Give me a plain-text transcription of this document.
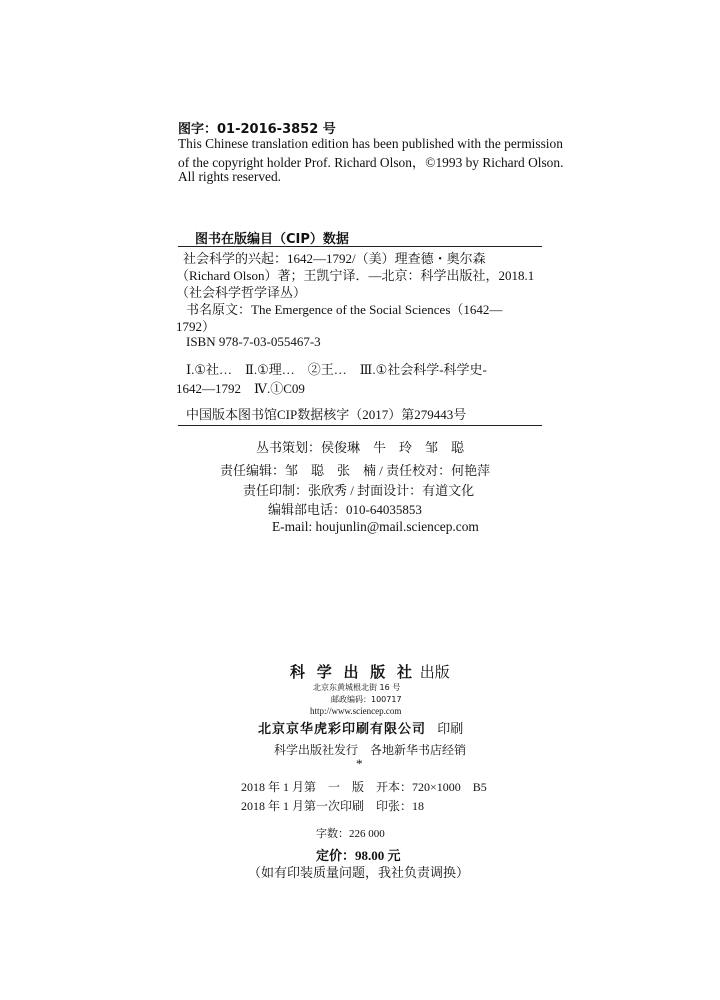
图字：01-2016-3852 号
This Chinese translation edition has been published with the permission
of the copyright holder Prof. Richard Olson，©1993 by Richard Olson.
All rights reserved.
图书在版编目（CIP）数据
社会科学的兴起：1642—1792/（美）理查德・奥尔森
（Richard Olson）著；王凯宁译．—北京：科学出版社，2018.1
（社会科学哲学译丛）
书名原文：The Emergence of the Social Sciences（1642—
1792）
ISBN 978-7-03-055467-3
Ⅰ.①社…　Ⅱ.①理…　②王…　Ⅲ.①社会科学-科学史-
1642—1792　Ⅳ.①C09
中国版本图书馆CIP数据核字（2017）第279443号
丛书策划：侯俊琳　牛　玲　邹　聪
责任编辑：邹　聪　张　楠 / 责任校对：何艳萍
责任印制：张欣秀 / 封面设计：有道文化
编辑部电话：010-64035853
E-mail: houjunlin@mail.sciencep.com
科 学 出 版 社 出版
北京东黄城根北街 16 号
邮政编码：100717
http://www.sciencep.com
北京京华虎彩印刷有限公司 印刷
科学出版社发行　各地新华书店经销
*
2018 年 1 月第　一　版　开本：720×1000　B5
2018 年 1 月第一次印刷　印张：18
字数：226 000
定价：98.00 元
（如有印装质量问题，我社负责调换）
